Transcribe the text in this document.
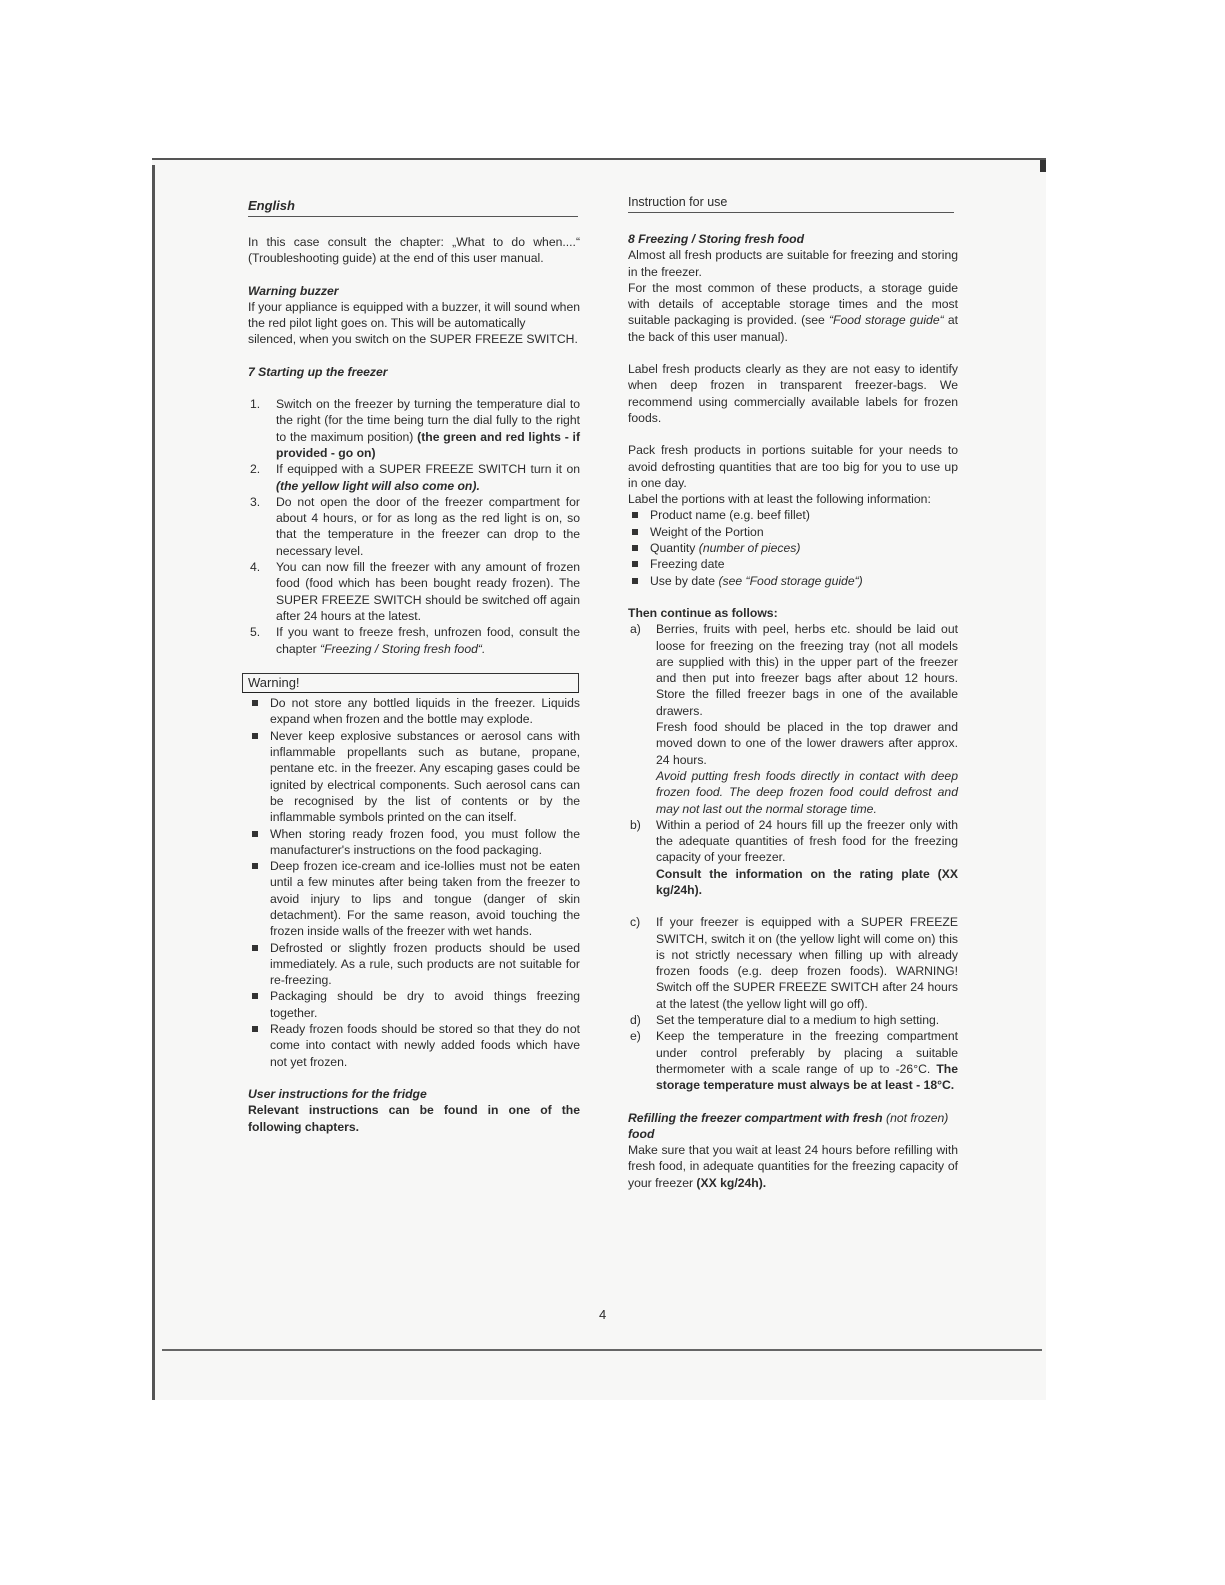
English	Instruction for use

In this case consult the chapter: „What to do when....“ (Troubleshooting guide) at the end of this user manual.

Warning buzzer

If your appliance is equipped with a buzzer, it will sound when the red pilot light goes on. This will be automatically

silenced, when you switch on the SUPER FREEZE SWITCH.

7 Starting up the freezer
1. Switch on the freezer by turning the temperature dial to the right (for the time being turn the dial fully to the right to the maximum position) (the green and red lights - if provided - go on)
2. If equipped with a SUPER FREEZE SWITCH turn it on (the yellow light will also come on).
3. Do not open the door of the freezer compartment for about 4 hours, or for as long as the red light is on, so that the temperature in the freezer can drop to the necessary level.
4. You can now fill the freezer with any amount of frozen food (food which has been bought ready frozen). The SUPER FREEZE SWITCH should be switched off again after 24 hours at the latest.
5. If you want to freeze fresh, unfrozen food, consult the chapter “Freezing / Storing fresh food“.
Warning!
Do not store any bottled liquids in the freezer. Liquids expand when frozen and the bottle may explode.
Never keep explosive substances or aerosol cans with inflammable propellants such as butane, propane, pentane etc. in the freezer. Any escaping gases could be ignited by electrical components. Such aerosol cans can be recognised by the list of contents or by the inflammable symbols printed on the can itself.
When storing ready frozen food, you must follow the manufacturer's instructions on the food packaging.
Deep frozen ice-cream and ice-lollies must not be eaten until a few minutes after being taken from the freezer to avoid injury to lips and tongue (danger of skin detachment). For the same reason, avoid touching the frozen inside walls of the freezer with wet hands.
Defrosted or slightly frozen products should be used immediately. As a rule, such products are not suitable for re-freezing.
Packaging should be dry to avoid things freezing together.
Ready frozen foods should be stored so that they do not come into contact with newly added foods which have not yet frozen.
User instructions for the fridge

Relevant instructions can be found in one of the following chapters.

8 Freezing / Storing fresh food

Almost all fresh products are suitable for freezing and storing in the freezer.

For the most common of these products, a storage guide with details of acceptable storage times and the most suitable packaging is provided. (see “Food storage guide“ at the back of this user manual).

Label fresh products clearly as they are not easy to identify when deep frozen in transparent freezer-bags. We recommend using commercially available labels for frozen foods.

Pack fresh products in portions suitable for your needs to avoid defrosting quantities that are too big for you to use up in one day.

Label the portions with at least the following information:

Product name (e.g. beef fillet)
Weight of the Portion
Quantity (number of pieces)
Freezing date
Use by date (see “Food storage guide“)
Then continue as follows:
a) Berries, fruits with peel, herbs etc. should be laid out loose for freezing on the freezing tray (not all models are supplied with this) in the upper part of the freezer and then put into freezer bags after about 12 hours. Store the filled freezer bags in one of the available drawers.
Fresh food should be placed in the top drawer and moved down to one of the lower drawers after approx. 24 hours.
Avoid putting fresh foods directly in contact with deep frozen food. The deep frozen food could defrost and may not last out the normal storage time.
b) Within a period of 24 hours fill up the freezer only with the adequate quantities of fresh food for the freezing capacity of your freezer.
Consult the information on the rating plate (XX kg/24h).
c) If your freezer is equipped with a SUPER FREEZE SWITCH, switch it on (the yellow light will come on) this is not strictly necessary when filling up with already frozen foods (e.g. deep frozen foods). WARNING! Switch off the SUPER FREEZE SWITCH after 24 hours at the latest (the yellow light will go off).
d) Set the temperature dial to a medium to high setting.
e) Keep the temperature in the freezing compartment under control preferably by placing a suitable thermometer with a scale range of up to -26°C. The storage temperature must always be at least - 18°C.
Refilling the freezer compartment with fresh (not frozen) food

Make sure that you wait at least 24 hours before refilling with fresh food, in adequate quantities for the freezing capacity of your freezer (XX kg/24h).

4
